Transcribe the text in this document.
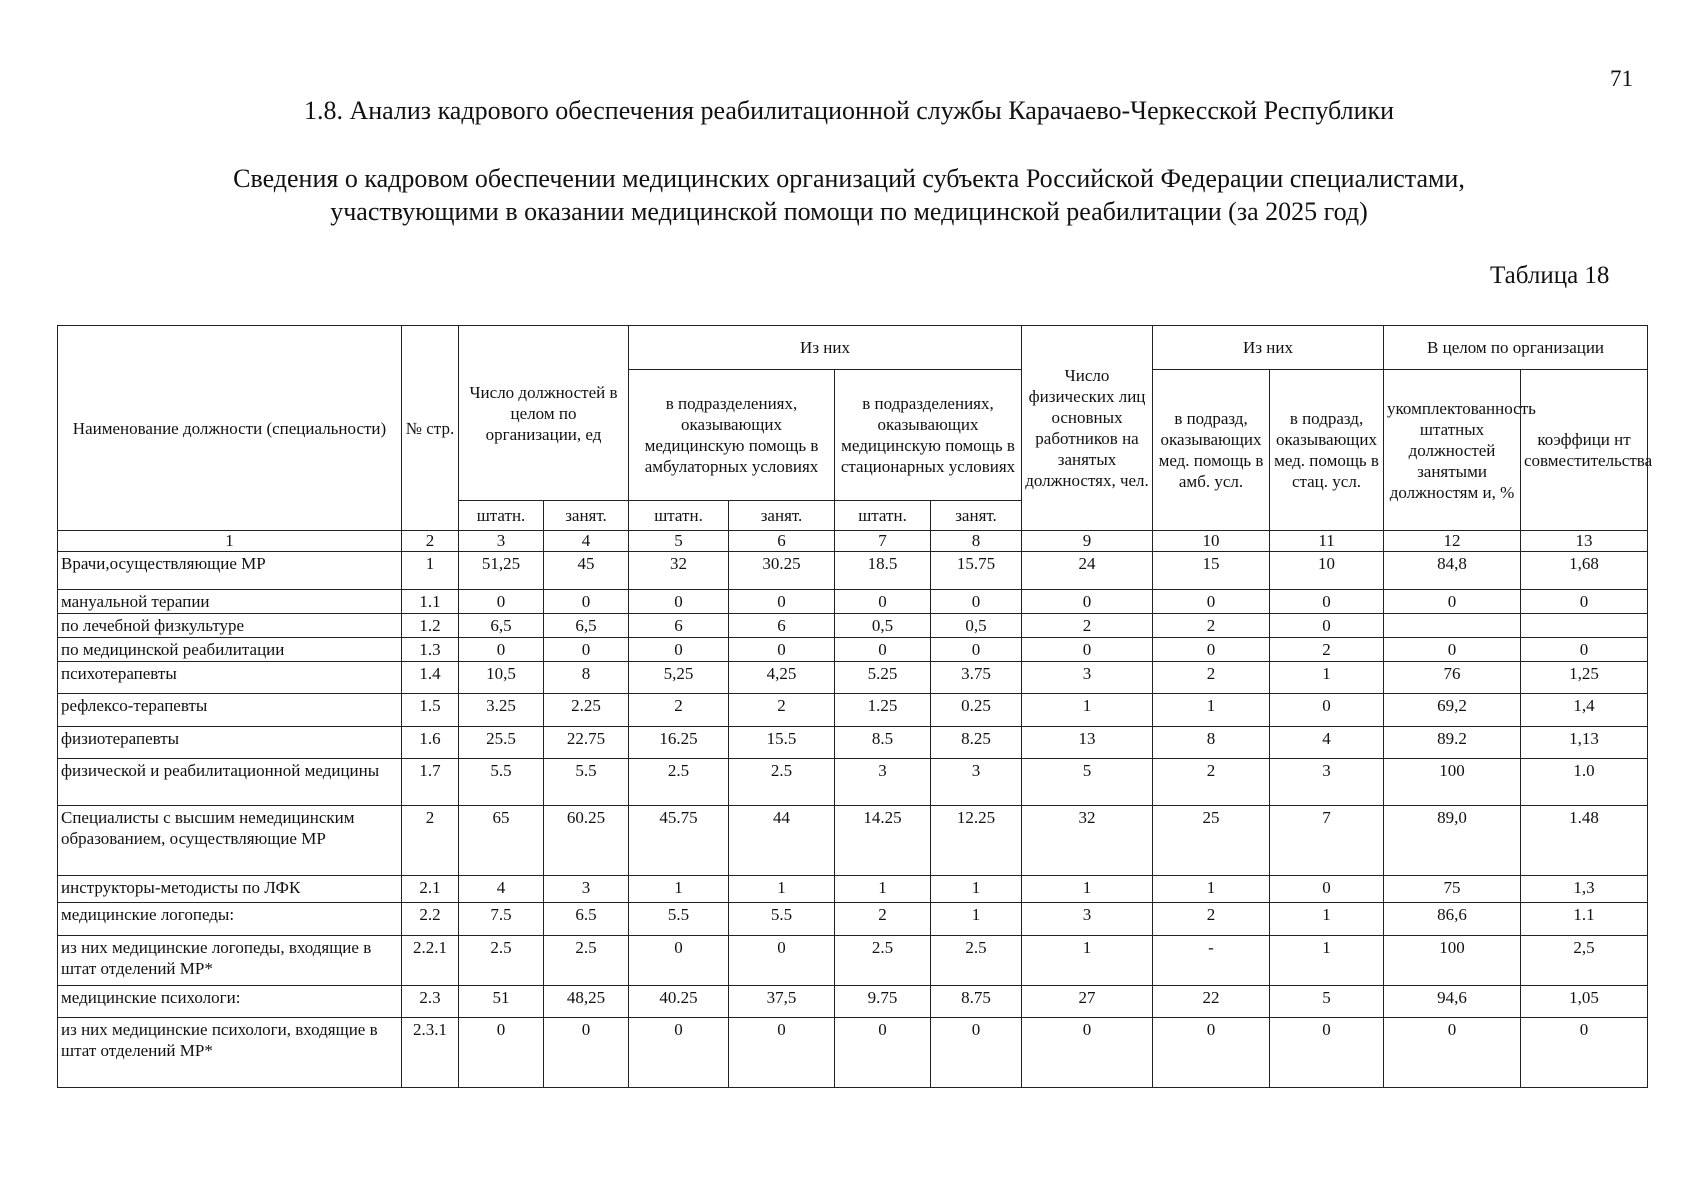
71
1.8. Анализ кадрового обеспечения реабилитационной службы Карачаево-Черкесской Республики
Сведения о кадровом обеспечении медицинских организаций субъекта Российской Федерации специалистами,
участвующими в оказании медицинской помощи по медицинской реабилитации (за 2025 год)
Таблица 18
Наименование должности (специальности)	№ стр.	Число должностей в целом по организации, ед		Из них				Число физических лиц основных работников на занятых должностях, чел.	Из них		В целом по организации	
				в подразделениях, оказывающих медицинскую помощь в амбулаторных условиях		в подразделениях, оказывающих медицинскую помощь в стационарных условиях			в подразд, оказывающих мед. помощь в амб. усл.	в подразд, оказывающих мед. помощь в стац. усл.	укомплектованность штатных должностей занятыми должностям и, %	коэффици нт совместительства
		штатн.	занят.	штатн.	занят.	штатн.	занят.					
1	2	3	4	5	6	7	8	9	10	11	12	13
Врачи,осуществляющие МР	1	51,25	45	32	30.25	18.5	15.75	24	15	10	84,8	1,68
мануальной терапии	1.1	0	0	0	0	0	0	0	0	0	0	0
по лечебной физкультуре	1.2	6,5	6,5	6	6	0,5	0,5	2	2	0		
по медицинской реабилитации	1.3	0	0	0	0	0	0	0	0	2	0	0
психотерапевты	1.4	10,5	8	5,25	4,25	5.25	3.75	3	2	1	76	1,25
рефлексо-терапевты	1.5	3.25	2.25	2	2	1.25	0.25	1	1	0	69,2	1,4
физиотерапевты	1.6	25.5	22.75	16.25	15.5	8.5	8.25	13	8	4	89.2	1,13
физической и реабилитационной медицины	1.7	5.5	5.5	2.5	2.5	3	3	5	2	3	100	1.0
Специалисты с высшим немедицинским образованием, осуществляющие МР	2	65	60.25	45.75	44	14.25	12.25	32	25	7	89,0	1.48
инструкторы-методисты по ЛФК	2.1	4	3	1	1	1	1	1	1	0	75	1,3
медицинские логопеды:	2.2	7.5	6.5	5.5	5.5	2	1	3	2	1	86,6	1.1
из них медицинские логопеды, входящие в штат отделений МР*	2.2.1	2.5	2.5	0	0	2.5	2.5	1	-	1	100	2,5
медицинские психологи:	2.3	51	48,25	40.25	37,5	9.75	8.75	27	22	5	94,6	1,05
из них медицинские психологи, входящие в штат отделений МР*	2.3.1	0	0	0	0	0	0	0	0	0	0	0
